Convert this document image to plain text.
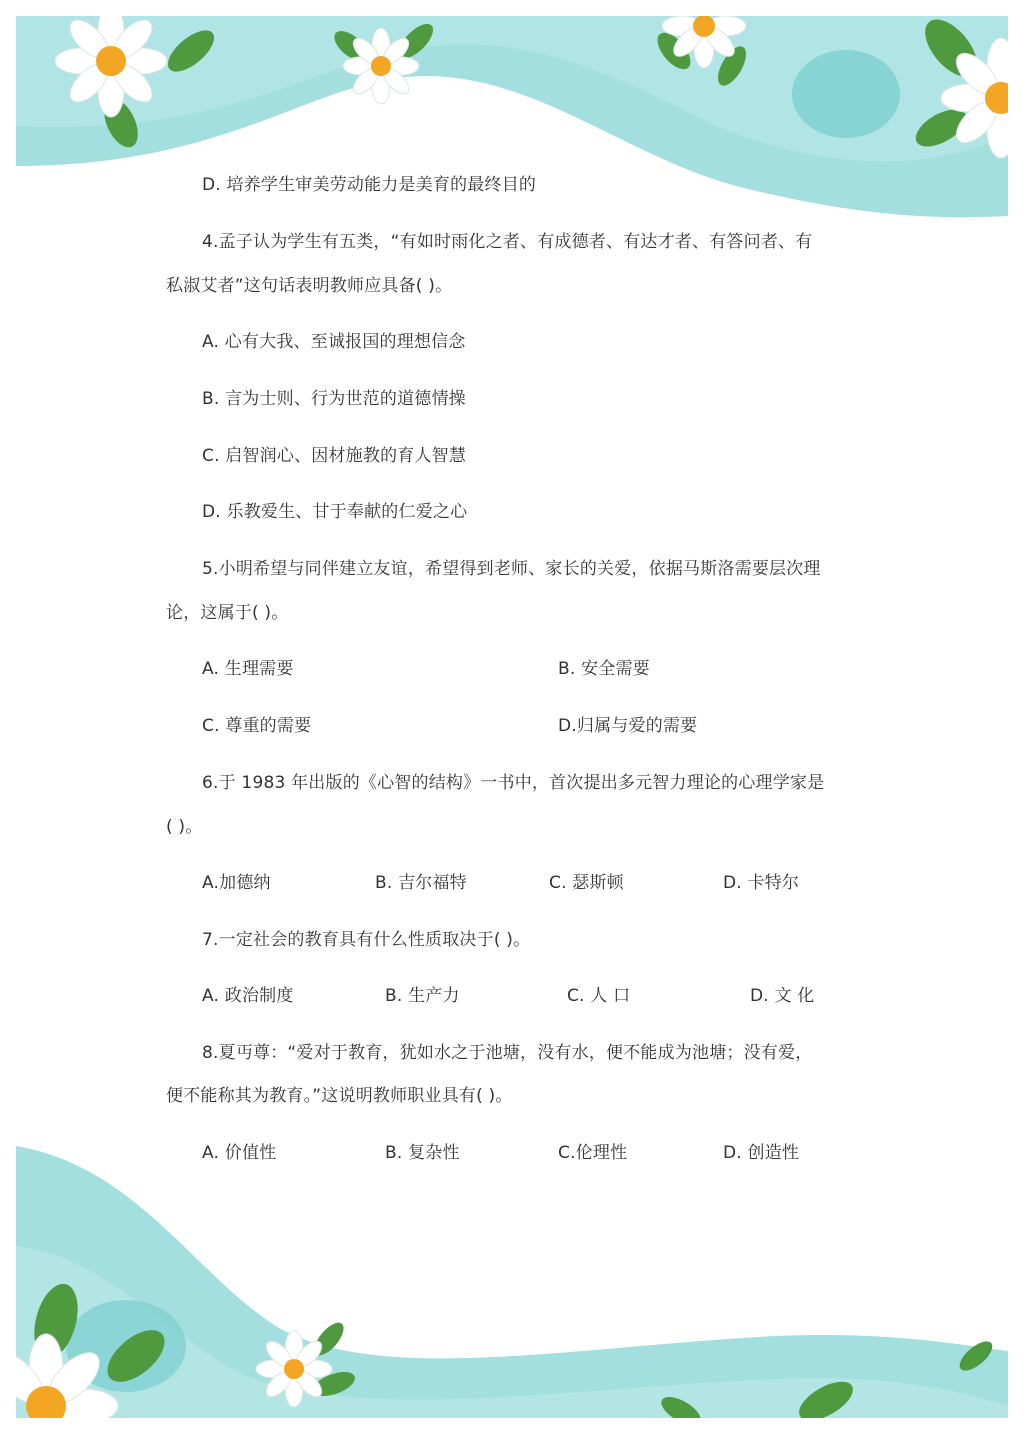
D. 培养学生审美劳动能力是美育的最终目的
4.孟子认为学生有五类，“有如时雨化之者、有成德者、有达才者、有答问者、有
私淑艾者”这句话表明教师应具备( )。
A. 心有大我、至诚报国的理想信念
B. 言为士则、行为世范的道德情操
C. 启智润心、因材施教的育人智慧
D. 乐教爱生、甘于奉献的仁爱之心
5.小明希望与同伴建立友谊，希望得到老师、家长的关爱，依据马斯洛需要层次理
论，这属于( )。
A. 生理需要	B. 安全需要
C. 尊重的需要	D.归属与爱的需要
6.于 1983 年出版的《心智的结构》一书中，首次提出多元智力理论的心理学家是
( )。
A.加德纳	B. 吉尔福特	C. 瑟斯顿	D. 卡特尔
7.一定社会的教育具有什么性质取决于( )。
A. 政治制度	B. 生产力	C. 人 口	D. 文 化
8.夏丏尊：“爱对于教育，犹如水之于池塘，没有水，便不能成为池塘；没有爱，
便不能称其为教育。”这说明教师职业具有( )。
A. 价值性	B. 复杂性	C.伦理性	D. 创造性
